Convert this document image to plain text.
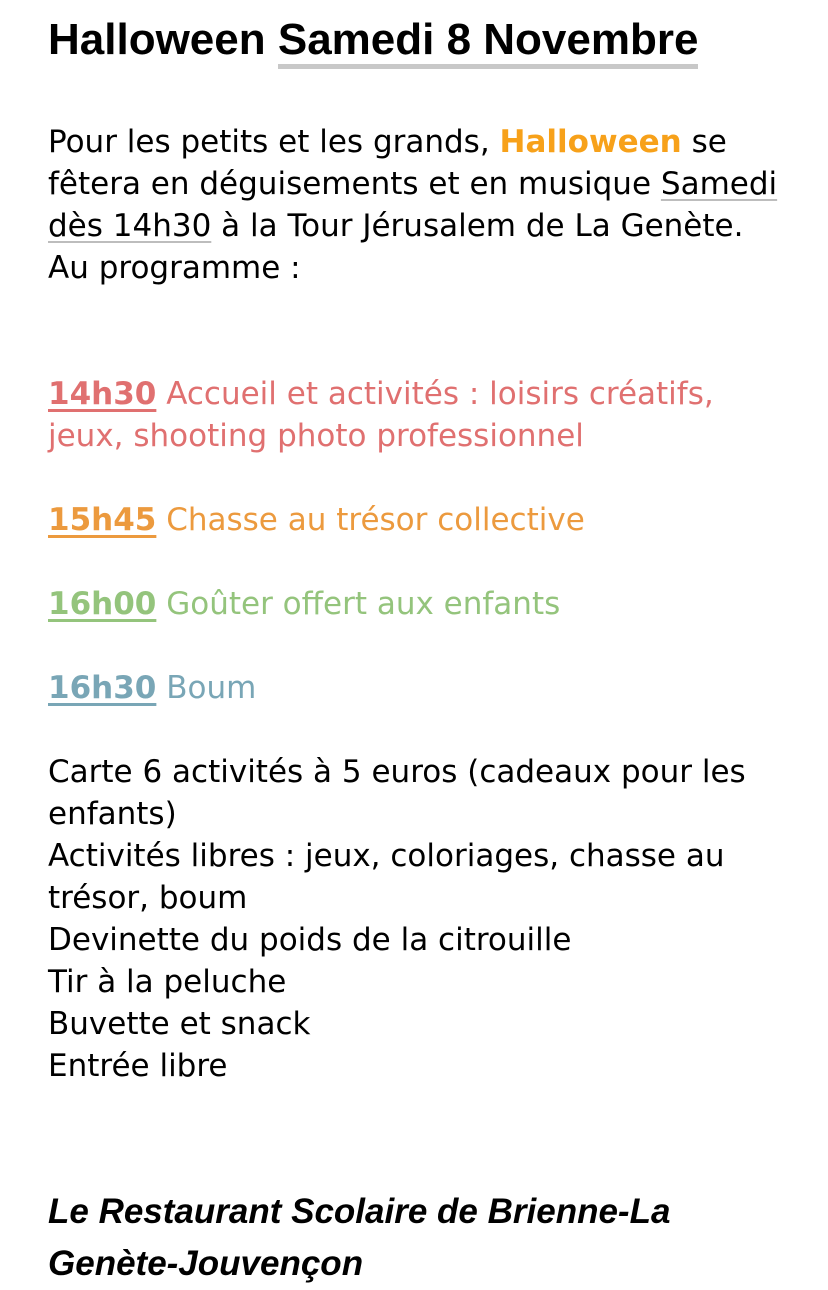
Halloween Samedi 8 Novembre

Pour les petits et les grands, Halloween se fêtera en déguisements et en musique Samedi dès 14h30 à la Tour Jérusalem de La Genète.
Au programme :

14h30 Accueil et activités : loisirs créatifs, jeux, shooting photo professionnel

15h45 Chasse au trésor collective

16h00 Goûter offert aux enfants

16h30 Boum

Carte 6 activités à 5 euros (cadeaux pour les enfants)
Activités libres : jeux, coloriages, chasse au trésor, boum
Devinette du poids de la citrouille
Tir à la peluche
Buvette et snack
Entrée libre

Le Restaurant Scolaire de Brienne-La Genète-Jouvençon
